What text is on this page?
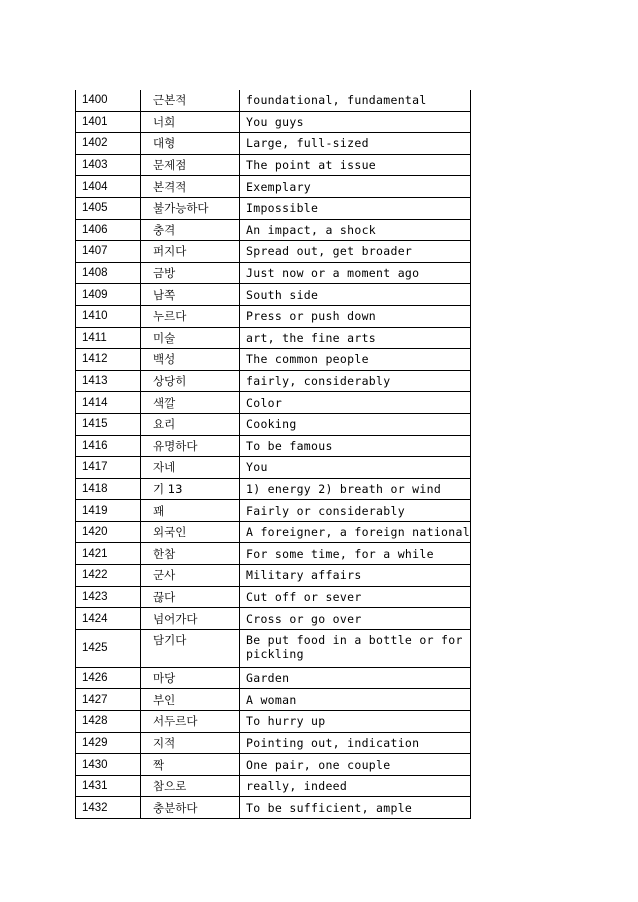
1400	근본적	foundational, fundamental
1401	너희	You guys
1402	대형	Large, full-sized
1403	문제점	The point at issue
1404	본격적	Exemplary
1405	불가능하다	Impossible
1406	충격	An impact, a shock
1407	퍼지다	Spread out, get broader
1408	금방	Just now or a moment ago
1409	남쪽	South side
1410	누르다	Press or push down
1411	미술	art, the fine arts
1412	백성	The common people
1413	상당히	fairly, considerably
1414	색깔	Color
1415	요리	Cooking
1416	유명하다	To be famous
1417	자네	You
1418	기 13	1) energy 2) breath or wind
1419	꽤	Fairly or considerably
1420	외국인	A foreigner, a foreign national
1421	한참	For some time, for a while
1422	군사	Military affairs
1423	끊다	Cut off or sever
1424	넘어가다	Cross or go over
1425	담기다	Be put food in a bottle or for pickling
1426	마당	Garden
1427	부인	A woman
1428	서두르다	To hurry up
1429	지적	Pointing out, indication
1430	짝	One pair, one couple
1431	참으로	really, indeed
1432	충분하다	To be sufficient, ample
